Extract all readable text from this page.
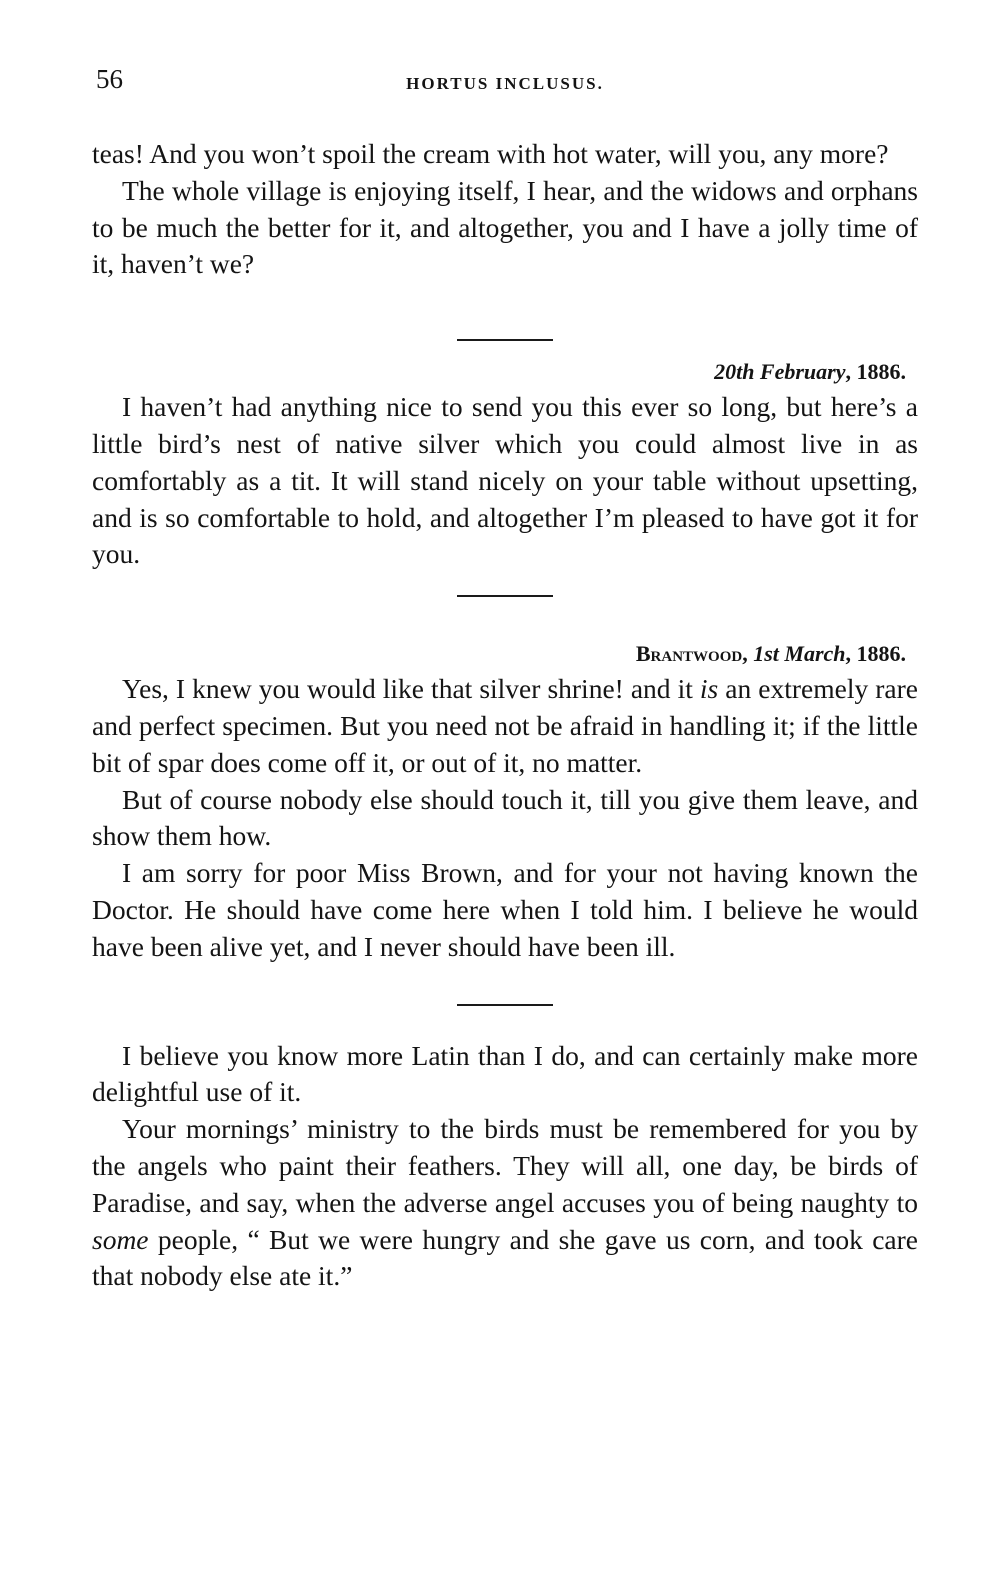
56	HORTUS INCLUSUS.

teas! And you won’t spoil the cream with hot water, will you, any more?

The whole village is enjoying itself, I hear, and the widows and orphans to be much the better for it, and altogether, you and I have a jolly time of it, haven’t we?

20th February, 1886.

I haven’t had anything nice to send you this ever so long, but here’s a little bird’s nest of native silver which you could almost live in as comfortably as a tit. It will stand nicely on your table without upsetting, and is so comfortable to hold, and altogether I’m pleased to have got it for you.

Brantwood, 1st March, 1886.

Yes, I knew you would like that silver shrine! and it is an extremely rare and perfect specimen. But you need not be afraid in handling it; if the little bit of spar does come off it, or out of it, no matter.

But of course nobody else should touch it, till you give them leave, and show them how.

I am sorry for poor Miss Brown, and for your not having known the Doctor. He should have come here when I told him. I believe he would have been alive yet, and I never should have been ill.

I believe you know more Latin than I do, and can certainly make more delightful use of it.

Your mornings’ ministry to the birds must be remembered for you by the angels who paint their feathers. They will all, one day, be birds of Paradise, and say, when the adverse angel accuses you of being naughty to some people, “ But we were hungry and she gave us corn, and took care that nobody else ate it.”
